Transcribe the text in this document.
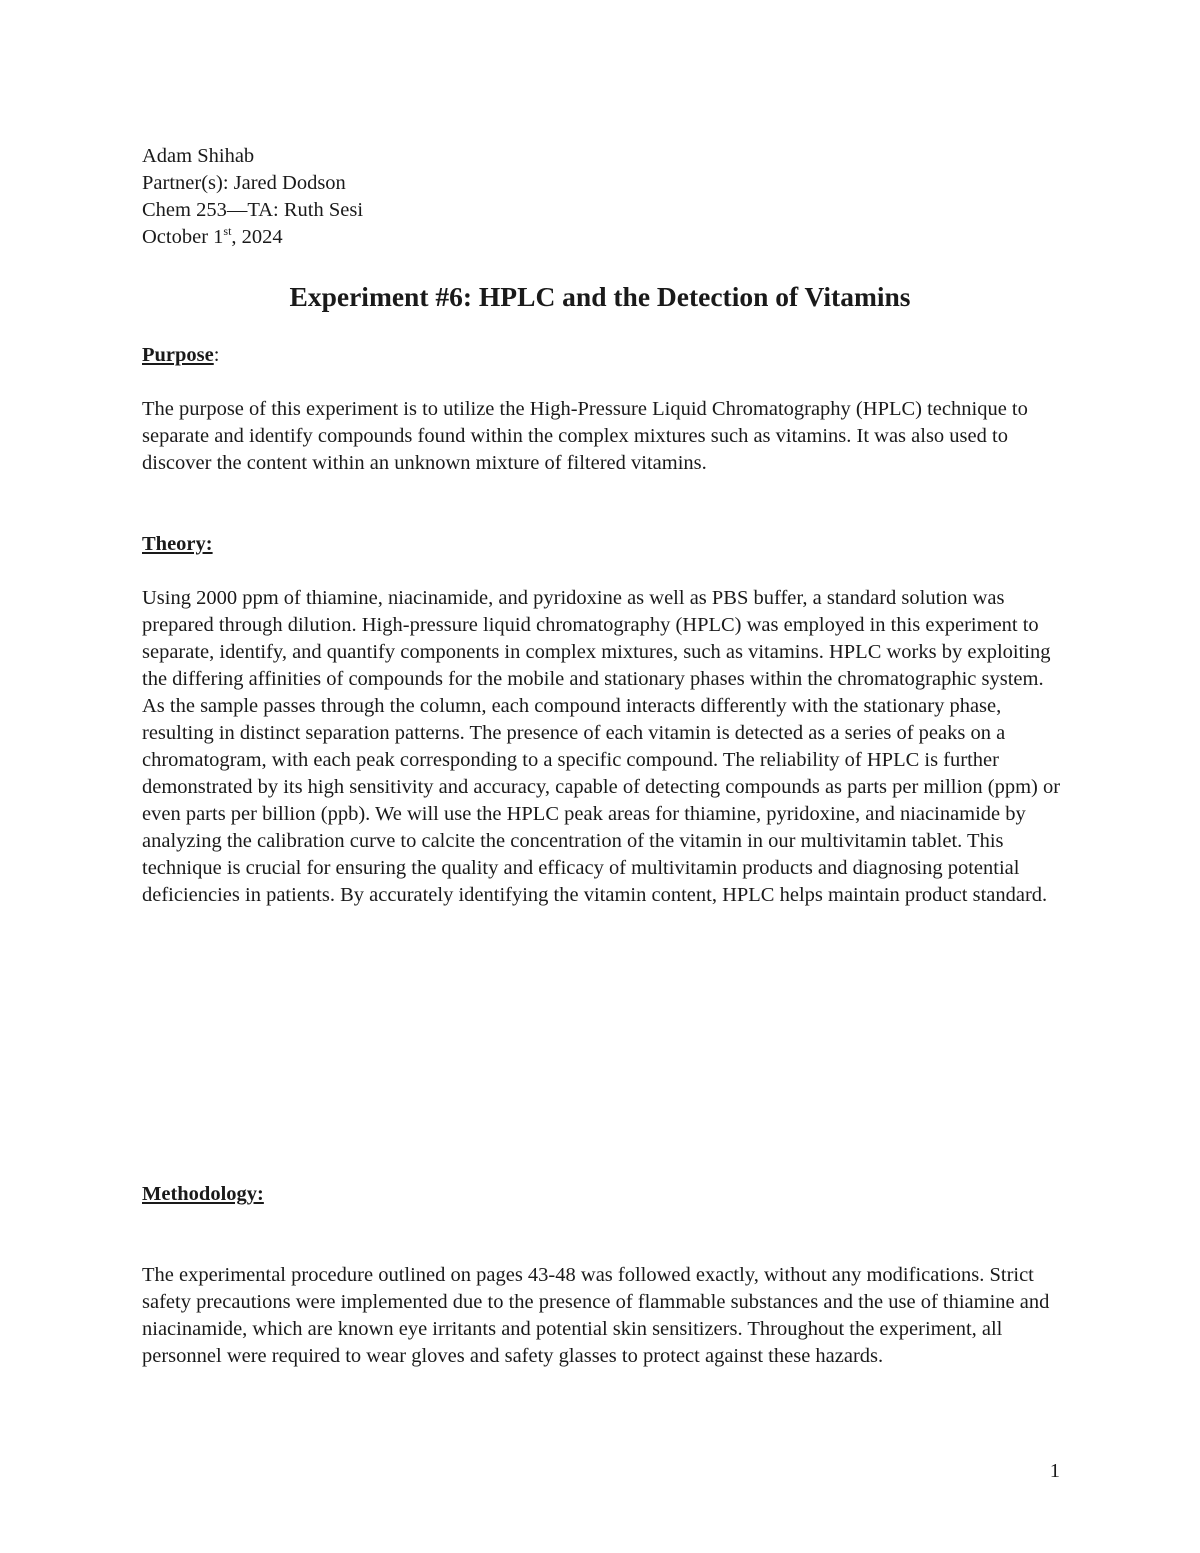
Adam Shihab
Partner(s): Jared Dodson
Chem 253—TA: Ruth Sesi
October 1st, 2024
Experiment #6: HPLC and the Detection of Vitamins
Purpose:

The purpose of this experiment is to utilize the High-Pressure Liquid Chromatography (HPLC) technique to separate and identify compounds found within the complex mixtures such as vitamins. It was also used to discover the content within an unknown mixture of filtered vitamins.

Theory:

Using 2000 ppm of thiamine, niacinamide, and pyridoxine as well as PBS buffer, a standard solution was prepared through dilution. High-pressure liquid chromatography (HPLC) was employed in this experiment to separate, identify, and quantify components in complex mixtures, such as vitamins. HPLC works by exploiting the differing affinities of compounds for the mobile and stationary phases within the chromatographic system. As the sample passes through the column, each compound interacts differently with the stationary phase, resulting in distinct separation patterns. The presence of each vitamin is detected as a series of peaks on a chromatogram, with each peak corresponding to a specific compound. The reliability of HPLC is further demonstrated by its high sensitivity and accuracy, capable of detecting compounds as parts per million (ppm) or even parts per billion (ppb). We will use the HPLC peak areas for thiamine, pyridoxine, and niacinamide by analyzing the calibration curve to calcite the concentration of the vitamin in our multivitamin tablet. This technique is crucial for ensuring the quality and efficacy of multivitamin products and diagnosing potential deficiencies in patients. By accurately identifying the vitamin content, HPLC helps maintain product standard.

Methodology:

The experimental procedure outlined on pages 43-48 was followed exactly, without any modifications. Strict safety precautions were implemented due to the presence of flammable substances and the use of thiamine and niacinamide, which are known eye irritants and potential skin sensitizers. Throughout the experiment, all personnel were required to wear gloves and safety glasses to protect against these hazards.

1
